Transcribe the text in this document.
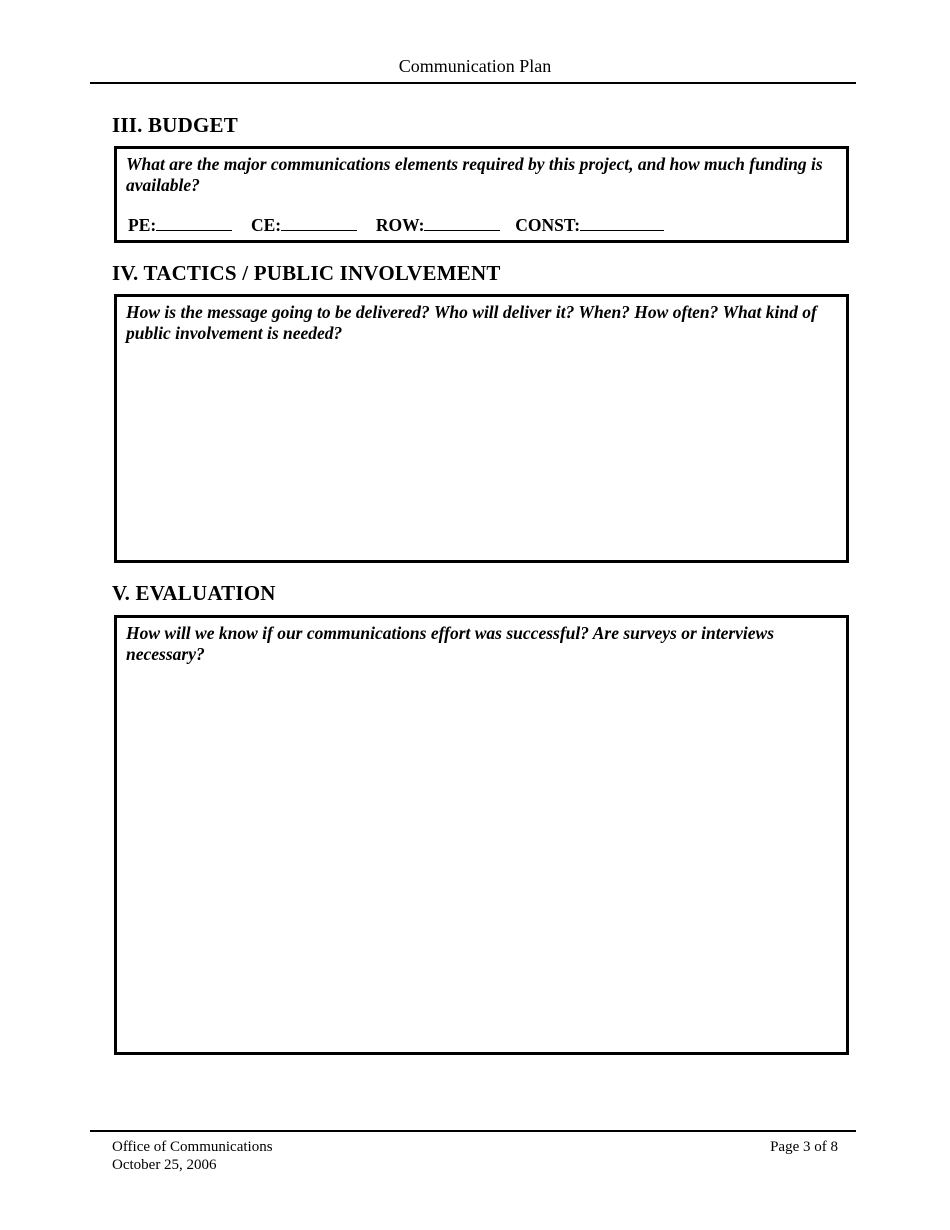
Communication Plan
III. BUDGET
What are the major communications elements required by this project, and how much funding is available?
PE:	CE:	ROW:	CONST:
IV. TACTICS / PUBLIC INVOLVEMENT
How is the message going to be delivered? Who will deliver it? When? How often? What kind of public involvement is needed?
V. EVALUATION
How will we know if our communications effort was successful? Are surveys or interviews necessary?
Office of Communications
October 25, 2006
Page 3 of 8
